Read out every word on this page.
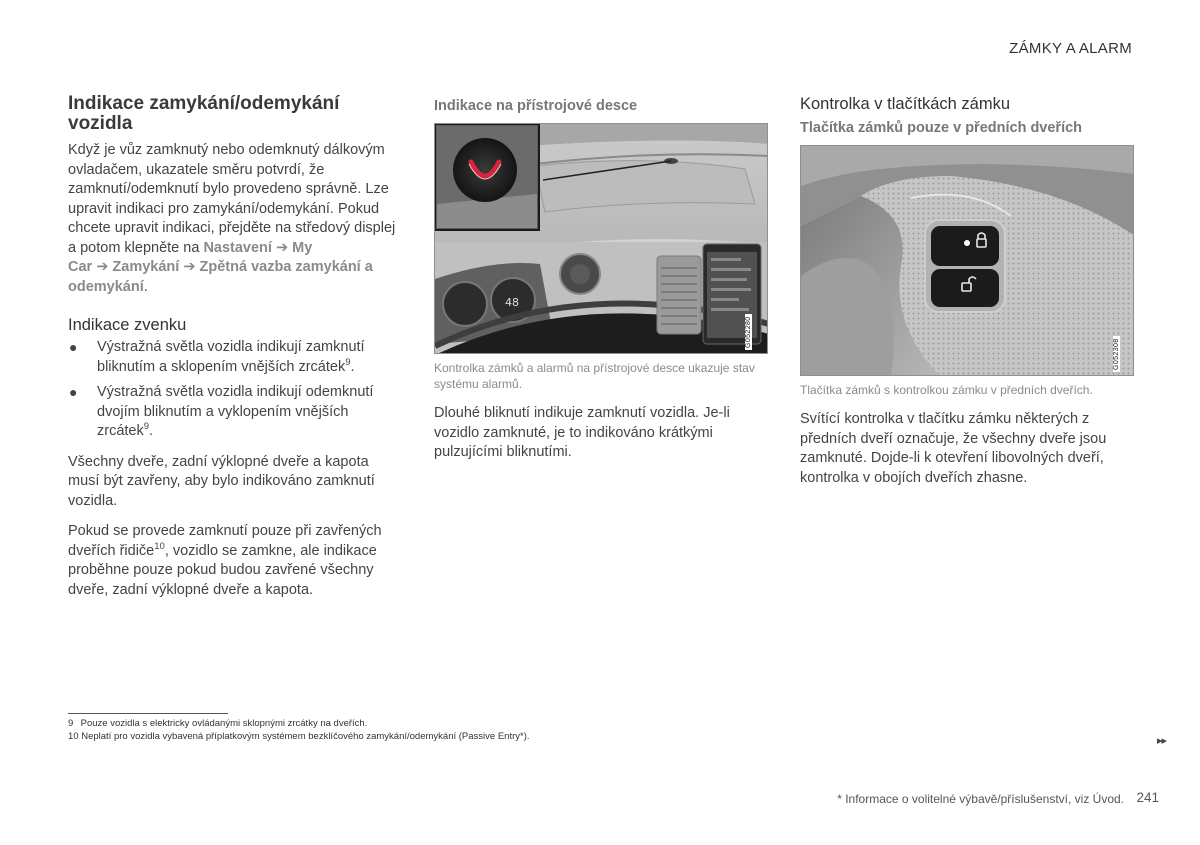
ZÁMKY A ALARM
Indikace zamykání/odemykání vozidla

Když je vůz zamknutý nebo odemknutý dálkovým ovladačem, ukazatele směru potvrdí, že zamknutí/odemknutí bylo provedeno správně. Lze upravit indikaci pro zamykání/odemykání. Pokud chcete upravit indikaci, přejděte na středový displej a potom klepněte na Nastavení ➔ My Car ➔ Zamykání ➔ Zpětná vazba zamykání a odemykání.

Indikace zvenku
● Výstražná světla vozidla indikují zamknutí bliknutím a sklopením vnějších zrcátek$^9$.
● Výstražná světla vozidla indikují odemknutí dvojím bliknutím a vyklopením vnějších zrcátek$^9$.

Všechny dveře, zadní výklopné dveře a kapota musí být zavřeny, aby bylo indikováno zamknutí vozidla.

Pokud se provede zamknutí pouze při zavřených dveřích řidiče$^{10}$, vozidlo se zamkne, ale indikace proběhne pouze pokud budou zavřené všechny dveře, zadní výklopné dveře a kapota.

Indikace na přístrojové desce
48
G052280

Kontrolka zámků a alarmů na přístrojové desce ukazuje stav systému alarmů.

Dlouhé bliknutí indikuje zamknutí vozidla. Je-li vozidlo zamknuté, je to indikováno krátkými pulzujícími bliknutími.

Kontrolka v tlačítkách zámku
Tlačítka zámků pouze v předních dveřích
G052308

Tlačítka zámků s kontrolkou zámku v předních dveřích.

Svítící kontrolka v tlačítku zámku některých z předních dveří označuje, že všechny dveře jsou zamknuté. Dojde-li k otevření libovolných dveří, kontrolka v obojích dveřích zhasne.

9 Pouze vozidla s elektricky ovládanými sklopnými zrcátky na dveřích.
10 Neplatí pro vozidla vybavená příplatkovým systémem bezklíčového zamykání/odemykání (Passive Entry*).	▸▸
* Informace o volitelné výbavě/příslušenství, viz Úvod. 241
